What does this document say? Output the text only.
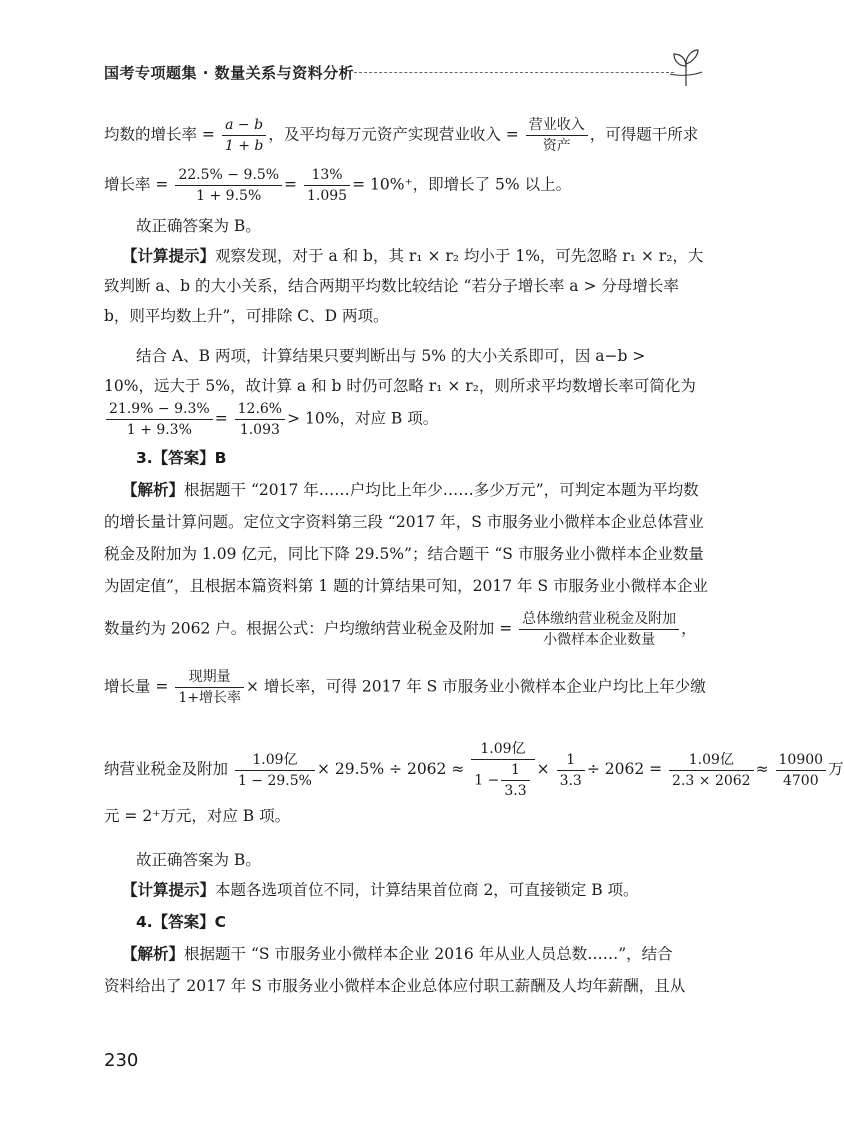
国考专项题集 · 数量关系与资料分析
均数的增长率 = $\frac{a - b}{1 + b}$ ，及平均每万元资产实现营业收入 = $\frac{\text{营业收入}}{\text{资产}}$ ，可得题干所求
增长率 = $\frac{22.5\% - 9.5\%}{1 + 9.5\%} = \frac{13\%}{1.095} = 10\%^+$，即增长了 5% 以上。
故正确答案为 B。
【计算提示】观察发现，对于 a 和 b，其 r₁ × r₂ 均小于 1%，可先忽略 r₁ × r₂，大
致判断 a、b 的大小关系，结合两期平均数比较结论 “若分子增长率 a > 分母增长率
b，则平均数上升”，可排除 C、D 两项。
结合 A、B 两项，计算结果只要判断出与 5% 的大小关系即可，因 a−b >
10%，远大于 5%，故计算 a 和 b 时仍可忽略 r₁ × r₂，则所求平均数增长率可简化为
$\frac{21.9\% - 9.3\%}{1 + 9.3\%} = \frac{12.6\%}{1.093} > 10\%$，对应 B 项。
3.【答案】B
【解析】根据题干 “2017 年……户均比上年少……多少万元”，可判定本题为平均数
的增长量计算问题。定位文字资料第三段 “2017 年，S 市服务业小微样本企业总体营业
税金及附加为 1.09 亿元，同比下降 29.5%”；结合题干 “S 市服务业小微样本企业数量
为固定值”，且根据本篇资料第 1 题的计算结果可知，2017 年 S 市服务业小微样本企业
数量约为 2062 户。根据公式：户均缴纳营业税金及附加 = $\frac{\text{总体缴纳营业税金及附加}}{\text{小微样本企业数量}}$ ，
增长量 = $\frac{\text{现期量}}{\text{1+增长率}}$ × 增长率，可得 2017 年 S 市服务业小微样本企业户均比上年少缴
纳营业税金及附加 $\frac{\text{1.09亿}}{1 - 29.5\%} \times 29.5\% \div 2062 \approx \frac{\text{1.09亿}}{1 - \frac{1}{3.3}} \times \frac{1}{3.3} \div 2062 = \frac{\text{1.09亿}}{2.3 \times 2062} \approx \frac{10900}{4700}$ 万
元 = 2⁺万元，对应 B 项。
故正确答案为 B。
【计算提示】本题各选项首位不同，计算结果首位商 2，可直接锁定 B 项。
4.【答案】C
【解析】根据题干 “S 市服务业小微样本企业 2016 年从业人员总数……”，结合
资料给出了 2017 年 S 市服务业小微样本企业总体应付职工薪酬及人均年薪酬，且从
230
